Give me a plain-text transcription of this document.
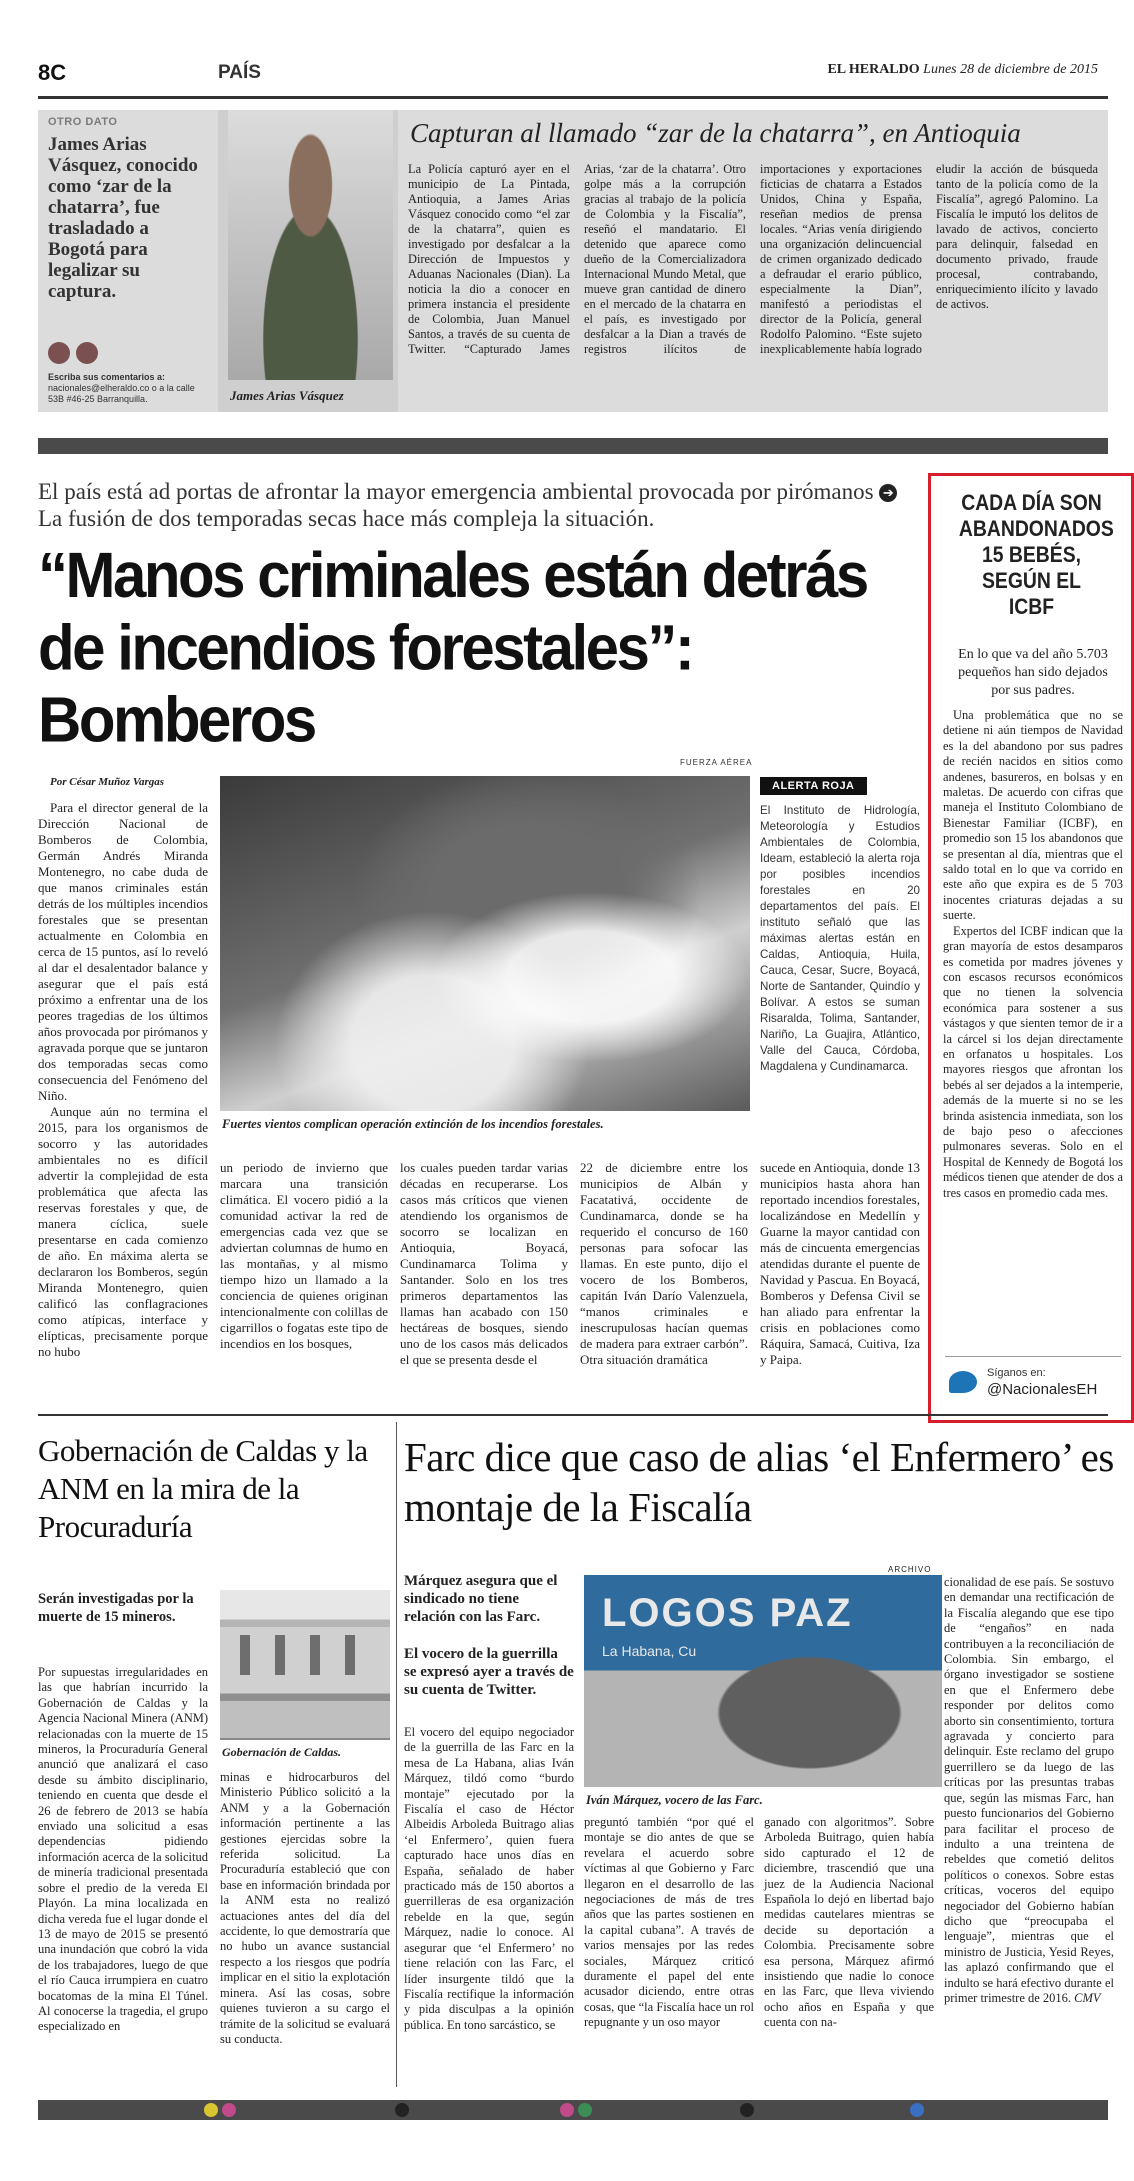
8C	PAÍS	EL HERALDO Lunes 28 de diciembre de 2015
OTRO DATO
James Arias Vásquez, conocido como ‘zar de la chatarra’, fue trasladado a Bogotá para legalizar su captura.
Escriba sus comentarios a:
nacionales@elheraldo.co o a la calle 53B #46-25 Barranquilla.	James Arias Vásquez
Capturan al llamado “zar de la chatarra”, en Antioquia
La Policía capturó ayer en el municipio de La Pintada, Antioquia, a James Arias Vásquez conocido como “el zar de la chatarra”, quien es investigado por desfalcar a la Dirección de Impuestos y Aduanas Nacionales (Dian). La noticia la dio a conocer en primera instancia el presidente de Colombia, Juan Manuel Santos, a través de su cuenta de Twitter. “Capturado James Arias, ‘zar de la chatarra’. Otro golpe más a la corrupción gracias al trabajo de la policía de Colombia y la Fiscalía”, reseñó el mandatario. El detenido que aparece como dueño de la Comercializadora Internacional Mundo Metal, que mueve gran cantidad de dinero en el mercado de la chatarra en el país, es investigado por desfalcar a la Dian a través de registros ilícitos de importaciones y exportaciones ficticias de chatarra a Estados Unidos, China y España, reseñan medios de prensa locales. “Arias venía dirigiendo una organización delincuencial de crimen organizado dedicado a defraudar el erario público, especialmente la Dian”, manifestó a periodistas el director de la Policía, general Rodolfo Palomino. “Este sujeto inexplicablemente había logrado eludir la acción de búsqueda tanto de la policía como de la Fiscalía”, agregó Palomino. La Fiscalía le imputó los delitos de lavado de activos, concierto para delinquir, falsedad en documento privado, fraude procesal, contrabando, enriquecimiento ilícito y lavado de activos.
El país está ad portas de afrontar la mayor emergencia ambiental provocada por pirómanos ➔ La fusión de dos temporadas secas hace más compleja la situación.
“Manos criminales están detrás de incendios forestales”: Bomberos
Por César Muñoz Vargas

Para el director general de la Dirección Nacional de Bomberos de Colombia, Germán Andrés Miranda Montenegro, no cabe duda de que manos criminales están detrás de los múltiples incendios forestales que se presentan actualmente en Colombia en cerca de 15 puntos, así lo reveló al dar el desalentador balance y asegurar que el país está próximo a enfrentar una de los peores tragedias de los últimos años provocada por pirómanos y agravada porque que se juntaron dos temporadas secas como consecuencia del Fenómeno del Niño.

Aunque aún no termina el 2015, para los organismos de socorro y las autoridades ambientales no es difícil advertir la complejidad de esta problemática que afecta las reservas forestales y que, de manera cíclica, suele presentarse en cada comienzo de año. En máxima alerta se declararon los Bomberos, según Miranda Montenegro, quien calificó las conflagraciones como atípicas, interface y elípticas, precisamente porque no hubo

FUERZA AÉREA
Fuertes vientos complican operación extinción de los incendios forestales.
ALERTA ROJA
El Instituto de Hidrología, Meteorología y Estudios Ambientales de Colombia, Ideam, estableció la alerta roja por posibles incendios forestales en 20 departamentos del país. El instituto señaló que las máximas alertas están en Caldas, Antioquia, Huila, Cauca, Cesar, Sucre, Boyacá, Norte de Santander, Quindío y Bolívar. A estos se suman Risaralda, Tolima, Santander, Nariño, La Guajira, Atlántico, Valle del Cauca, Córdoba, Magdalena y Cundinamarca.
un periodo de invierno que marcara una transición climática. El vocero pidió a la comunidad activar la red de emergencias cada vez que se adviertan columnas de humo en las montañas, y al mismo tiempo hizo un llamado a la conciencia de quienes originan intencionalmente con colillas de cigarrillos o fogatas este tipo de incendios en los bosques,
los cuales pueden tardar varias décadas en recuperarse. Los casos más críticos que vienen atendiendo los organismos de socorro se localizan en Antioquia, Boyacá, Cundinamarca Tolima y Santander. Solo en los tres primeros departamentos las llamas han acabado con 150 hectáreas de bosques, siendo uno de los casos más delicados el que se presenta desde el
22 de diciembre entre los municipios de Albán y Facatativá, occidente de Cundinamarca, donde se ha requerido el concurso de 160 personas para sofocar las llamas. En este punto, dijo el vocero de los Bomberos, capitán Iván Darío Valenzuela, “manos criminales e inescrupulosas hacían quemas de madera para extraer carbón”. Otra situación dramática
sucede en Antioquia, donde 13 municipios hasta ahora han reportado incendios forestales, localizándose en Medellín y Guarne la mayor cantidad con más de cincuenta emergencias atendidas durante el puente de Navidad y Pascua. En Boyacá, Bomberos y Defensa Civil se han aliado para enfrentar la crisis en poblaciones como Ráquira, Samacá, Cuitiva, Iza y Paipa.
CADA DÍA SON ABANDONADOS 15 BEBÉS, SEGÚN EL ICBF
En lo que va del año 5.703 pequeños han sido dejados por sus padres.

Una problemática que no se detiene ni aún tiempos de Navidad es la del abandono por sus padres de recién nacidos en sitios como andenes, basureros, en bolsas y en maletas. De acuerdo con cifras que maneja el Instituto Colombiano de Bienestar Familiar (ICBF), en promedio son 15 los abandonos que se presentan al día, mientras que el saldo total en lo que va corrido en este año que expira es de 5 703 inocentes criaturas dejadas a su suerte.

Expertos del ICBF indican que la gran mayoría de estos desamparos es cometida por madres jóvenes y con escasos recursos económicos que no tienen la solvencia económica para sostener a sus vástagos y que sienten temor de ir a la cárcel si los dejan directamente en orfanatos u hospitales. Los mayores riesgos que afrontan los bebés al ser dejados a la intemperie, además de la muerte si no se les brinda asistencia inmediata, son los de bajo peso o afecciones pulmonares severas. Solo en el Hospital de Kennedy de Bogotá los médicos tienen que atender de dos a tres casos en promedio cada mes.

Síganos en:
@NacionalesEH
Gobernación de Caldas y la ANM en la mira de la Procuraduría
Serán investigadas por la muerte de 15 mineros.
Gobernación de Caldas.
Por supuestas irregularidades en las que habrían incurrido la Gobernación de Caldas y la Agencia Nacional Minera (ANM) relacionadas con la muerte de 15 mineros, la Procuraduría General anunció que analizará el caso desde su ámbito disciplinario, teniendo en cuenta que desde el 26 de febrero de 2013 se había enviado una solicitud a esas dependencias pidiendo información acerca de la solicitud de minería tradicional presentada sobre el predio de la vereda El Playón. La mina localizada en dicha vereda fue el lugar donde el 13 de mayo de 2015 se presentó una inundación que cobró la vida de los trabajadores, luego de que el río Cauca irrumpiera en cuatro bocatomas de la mina El Túnel. Al conocerse la tragedia, el grupo especializado en
minas e hidrocarburos del Ministerio Público solicitó a la ANM y a la Gobernación información pertinente a las gestiones ejercidas sobre la referida solicitud. La Procuraduría estableció que con base en información brindada por la ANM esta no realizó actuaciones antes del día del accidente, lo que demostraría que no hubo un avance sustancial respecto a los riesgos que podría implicar en el sitio la explotación minera. Así las cosas, sobre quienes tuvieron a su cargo el trámite de la solicitud se evaluará su conducta.
Farc dice que caso de alias ‘el Enfermero’ es montaje de la Fiscalía
Márquez asegura que el sindicado no tiene relación con las Farc.
El vocero de la guerrilla se expresó ayer a través de su cuenta de Twitter.
ARCHIVO
LOGOS PAZ
La Habana, Cu
Iván Márquez, vocero de las Farc.
El vocero del equipo negociador de la guerrilla de las Farc en la mesa de La Habana, alias Iván Márquez, tildó como “burdo montaje” ejecutado por la Fiscalía el caso de Héctor Albeidis Arboleda Buitrago alias ‘el Enfermero’, quien fuera capturado hace unos días en España, señalado de haber practicado más de 150 abortos a guerrilleras de esa organización rebelde en la que, según Márquez, nadie lo conoce. Al asegurar que ‘el Enfermero’ no tiene relación con las Farc, el líder insurgente tildó que la Fiscalía rectifique la información y pida disculpas a la opinión pública. En tono sarcástico, se
preguntó también “por qué el montaje se dio antes de que se revelara el acuerdo sobre víctimas al que Gobierno y Farc llegaron en el desarrollo de las negociaciones de más de tres años que las partes sostienen en la capital cubana”. A través de varios mensajes por las redes sociales, Márquez criticó duramente el papel del ente acusador diciendo, entre otras cosas, que “la Fiscalía hace un rol repugnante y un oso mayor
ganado con algoritmos”. Sobre Arboleda Buitrago, quien había sido capturado el 12 de diciembre, trascendió que una juez de la Audiencia Nacional Española lo dejó en libertad bajo medidas cautelares mientras se decide su deportación a Colombia. Precisamente sobre esa persona, Márquez afirmó insistiendo que nadie lo conoce en las Farc, que lleva viviendo ocho años en España y que cuenta con na-
cionalidad de ese país. Se sostuvo en demandar una rectificación de la Fiscalía alegando que ese tipo de “engaños” en nada contribuyen a la reconciliación de Colombia. Sin embargo, el órgano investigador se sostiene en que el Enfermero debe responder por delitos como aborto sin consentimiento, tortura agravada y concierto para delinquir. Este reclamo del grupo guerrillero se da luego de las críticas por las presuntas trabas que, según las mismas Farc, han puesto funcionarios del Gobierno para facilitar el proceso de indulto a una treintena de rebeldes que cometió delitos políticos o conexos. Sobre estas críticas, voceros del equipo negociador del Gobierno habían dicho que “preocupaba el lenguaje”, mientras que el ministro de Justicia, Yesid Reyes, las aplazó confirmando que el indulto se hará efectivo durante el primer trimestre de 2016. CMV
